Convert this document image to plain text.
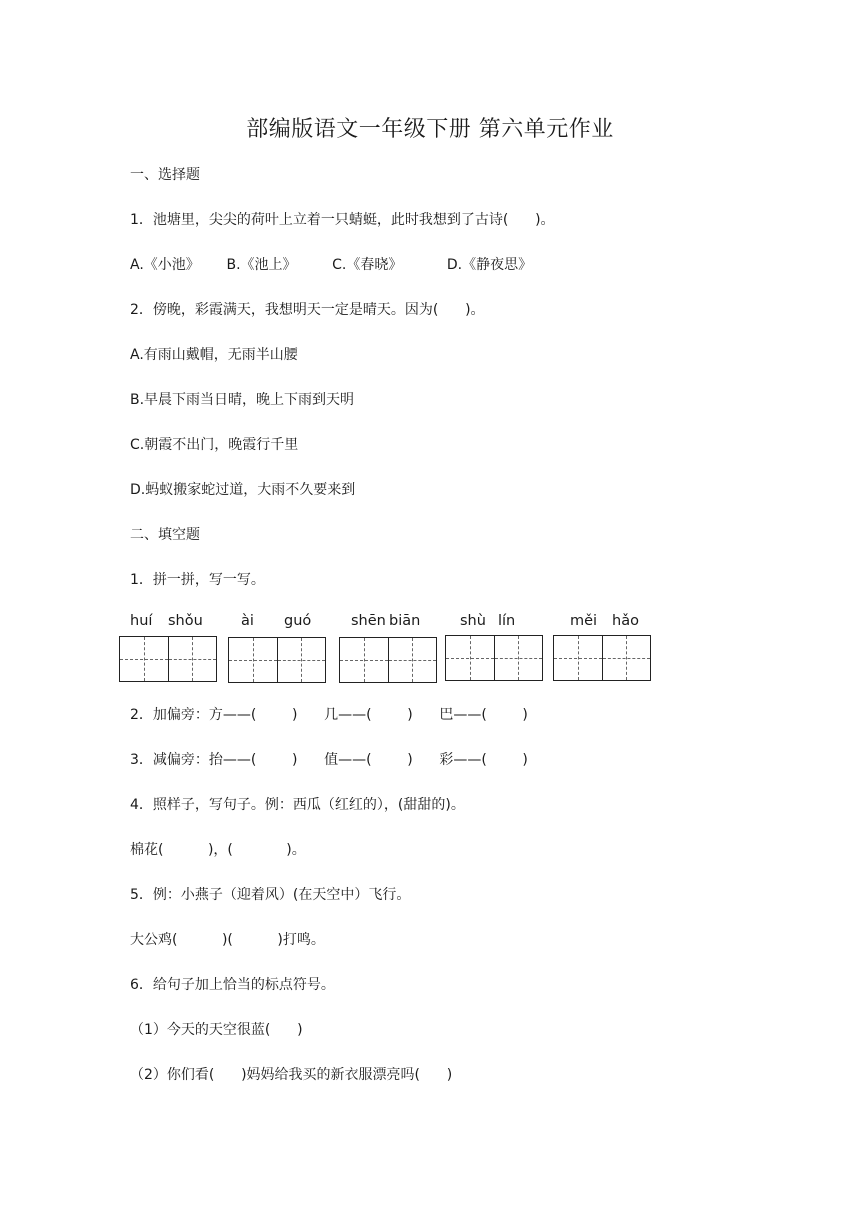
部编版语文一年级下册 第六单元作业
一、选择题
1．池塘里，尖尖的荷叶上立着一只蜻蜓，此时我想到了古诗(      )。
A.《小池》      B.《池上》        C.《春晓》          D.《静夜思》
2．傍晚，彩霞满天，我想明天一定是晴天。因为(      )。
A.有雨山戴帽，无雨半山腰
B.早晨下雨当日晴，晚上下雨到天明
C.朝霞不出门，晚霞行千里
D.蚂蚁搬家蛇过道，大雨不久要来到
二、填空题
1．拼一拼，写一写。
huí shǒu	ài guó	shēn biān	shù lín	měi hǎo
2．加偏旁：方——(        )      几——(        )      巴——(        )
3．减偏旁：抬——(        )      值——(        )      彩——(        )
4．照样子，写句子。例：西瓜（红红的），(甜甜的)。
棉花(          )，(            )。
5．例：小燕子（迎着风）(在天空中）飞行。
大公鸡(          )(          )打鸣。
6．给句子加上恰当的标点符号。
（1）今天的天空很蓝(      )
（2）你们看(      )妈妈给我买的新衣服漂亮吗(      )
